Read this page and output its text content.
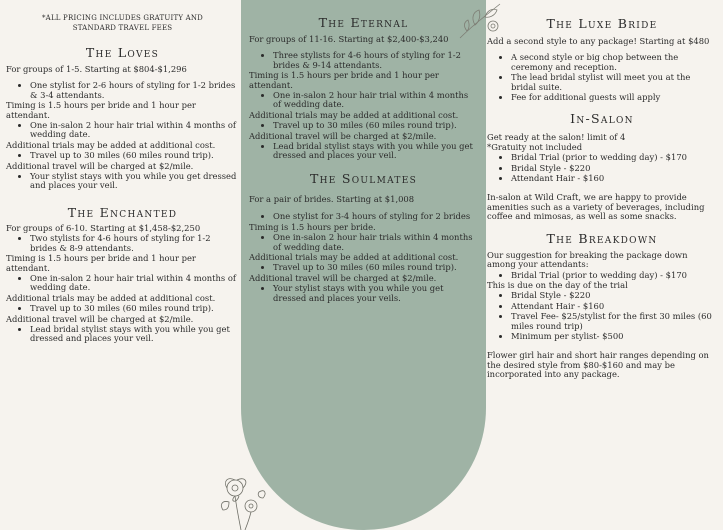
*ALL PRICING INCLUDES GRATUITY AND
STANDARD TRAVEL FEES

The Loves

For groups of 1-5. Starting at $804-$1,296

• One stylist for 2-6 hours of styling for 1-2 brides & 3-4 attendants.

Timing is 1.5 hours per bride and 1 hour per attendant.

• One in-salon 2 hour hair trial within 4 months of wedding date.

Additional trials may be added at additional cost.

• Travel up to 30 miles (60 miles round trip).

Additional travel will be charged at $2/mile.

• Your stylist stays with you while you get dressed and places your veil.
The Enchanted

For groups of 6-10. Starting at $1,458-$2,250

• Two stylists for 4-6 hours of styling for 1-2 brides & 8-9 attendants.

Timing is 1.5 hours per bride and 1 hour per attendant.

• One in-salon 2 hour hair trial within 4 months of wedding date.

Additional trials may be added at additional cost.

• Travel up to 30 miles (60 miles round trip).

Additional travel will be charged at $2/mile.

• Lead bridal stylist stays with you while you get dressed and places your veil.
The Eternal

For groups of 11-16. Starting at $2,400-$3,240

• Three stylists for 4-6 hours of styling for 1-2 brides & 9-14 attendants.

Timing is 1.5 hours per bride and 1 hour per attendant.

• One in-salon 2 hour hair trial within 4 months of wedding date.

Additional trials may be added at additional cost.

• Travel up to 30 miles (60 miles round trip).

Additional travel will be charged at $2/mile.

• Lead bridal stylist stays with you while you get dressed and places your veil.
The Soulmates

For a pair of brides. Starting at $1,008

• One stylist for 3-4 hours of styling for 2 brides

Timing is 1.5 hours per bride.

• One in-salon 2 hour hair trials within 4 months of wedding date.

Additional trials may be added at additional cost.

• Travel up to 30 miles (60 miles round trip).

Additional travel will be charged at $2/mile.

• Your stylist stays with you while you get dressed and places your veils.
The Luxe Bride

Add a second style to any package! Starting at $480

• A second style or big chop between the ceremony and reception.
• The lead bridal stylist will meet you at the bridal suite.
• Fee for additional guests will apply
In-Salon

Get ready at the salon! limit of 4

*Gratuity not included

• Bridal Trial (prior to wedding day) - $170
• Bridal Style - $220
• Attendant Hair - $160

In-salon at Wild Craft, we are happy to provide amenities such as a variety of beverages, including coffee and mimosas, as well as some snacks.

The Breakdown

Our suggestion for breaking the package down among your attendants:

• Bridal Trial (prior to wedding day) - $170

This is due on the day of the trial

• Bridal Style - $220
• Attendant Hair - $160
• Travel Fee- $25/stylist for the first 30 miles (60 miles round trip)
• Minimum per stylist- $500

Flower girl hair and short hair ranges depending on the desired style from $80-$160 and may be incorporated into any package.
